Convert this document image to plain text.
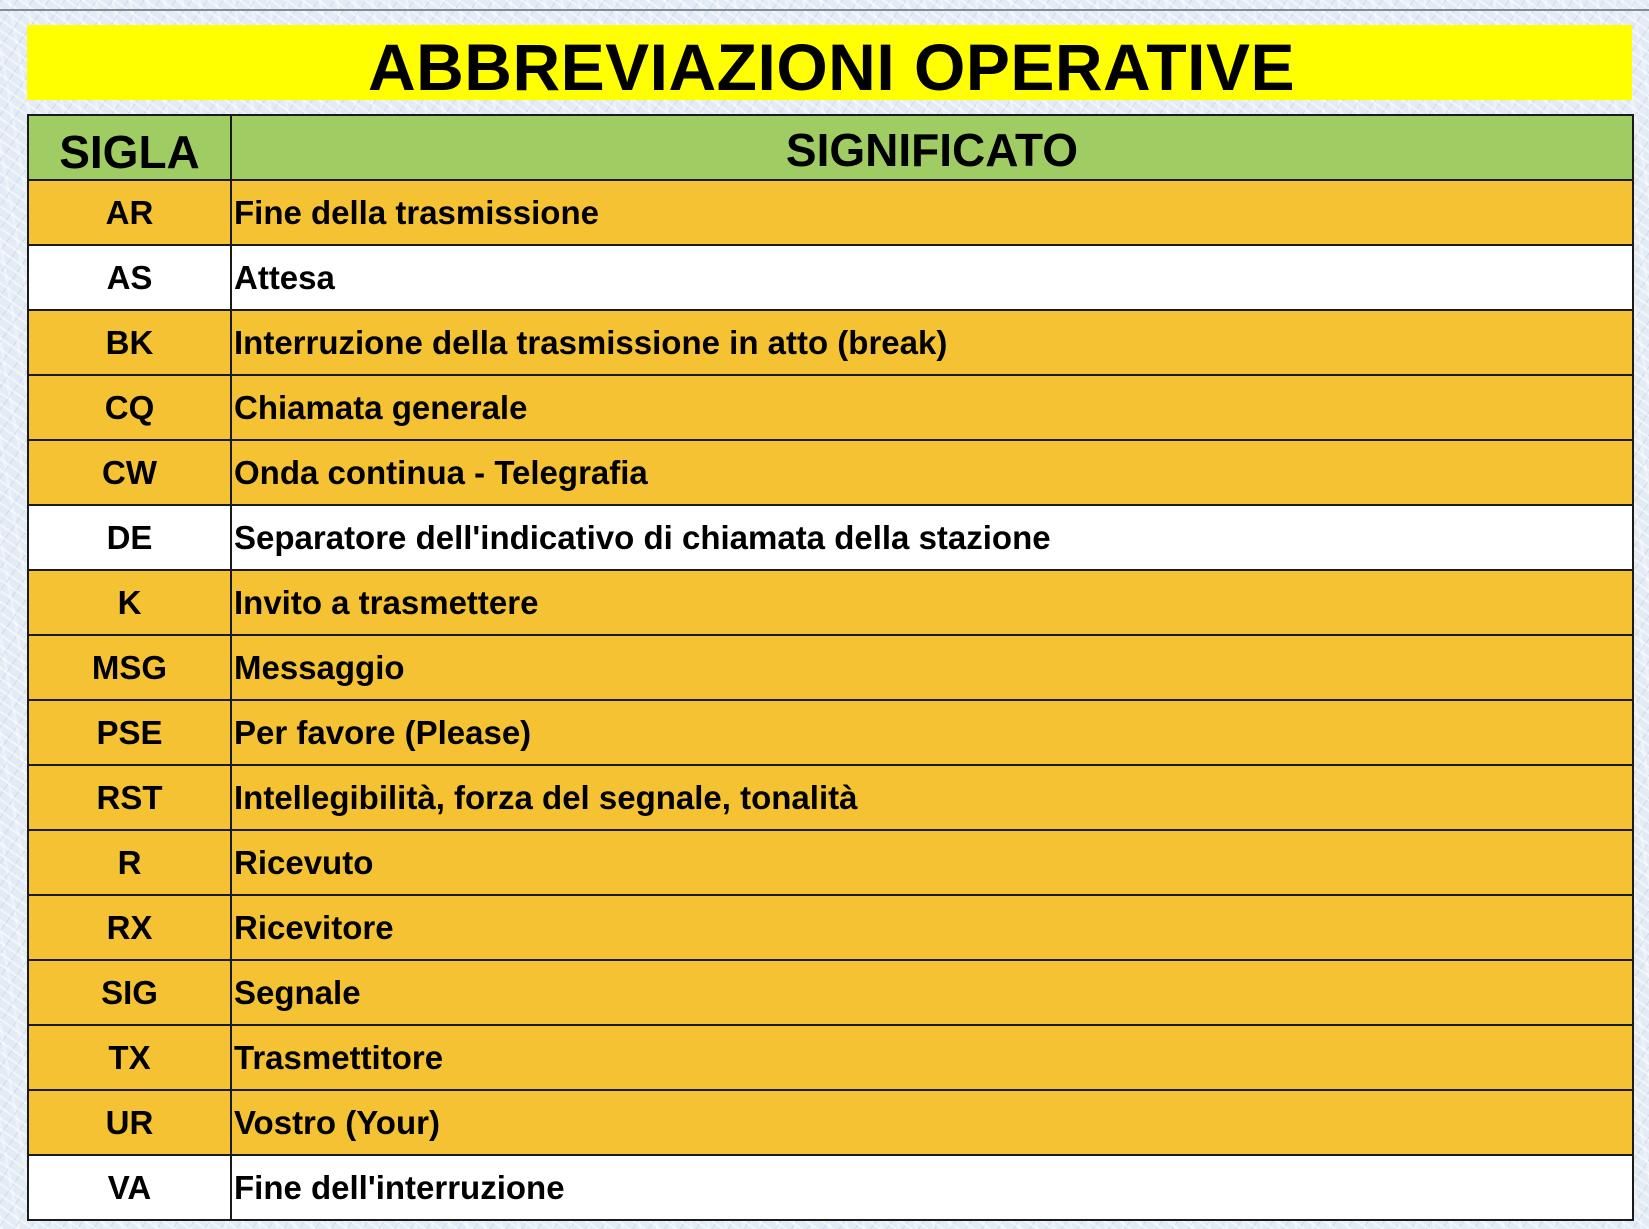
ABBREVIAZIONI OPERATIVE
SIGLA	SIGNIFICATO
AR	Fine della trasmissione
AS	Attesa
BK	Interruzione della trasmissione in atto (break)
CQ	Chiamata generale
CW	Onda continua - Telegrafia
DE	Separatore dell'indicativo di chiamata della stazione
K	Invito a trasmettere
MSG	Messaggio
PSE	Per favore (Please)
RST	Intellegibilità, forza del segnale, tonalità
R	Ricevuto
RX	Ricevitore
SIG	Segnale
TX	Trasmettitore
UR	Vostro (Your)
VA	Fine dell'interruzione
